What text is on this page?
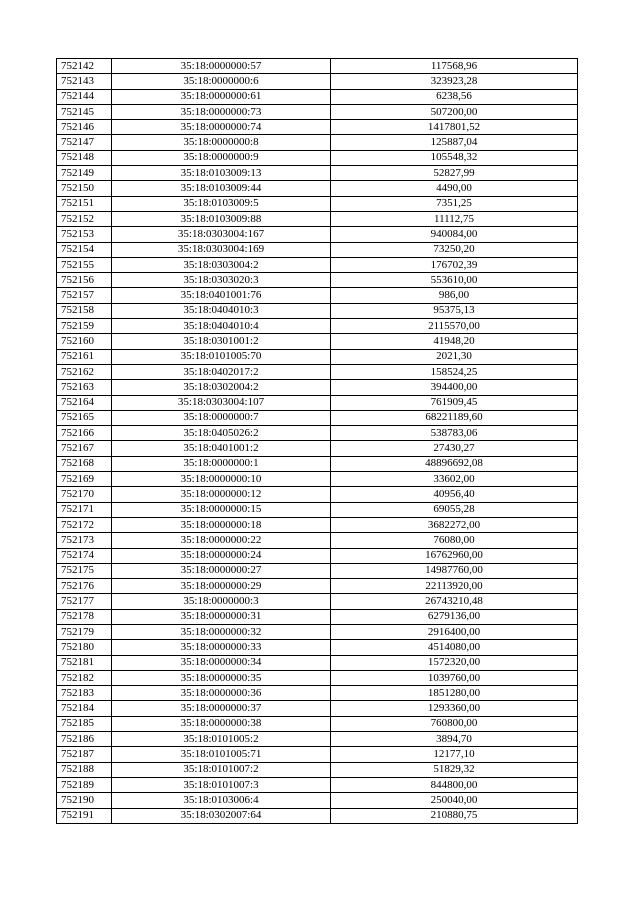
752142	35:18:0000000:57	117568,96
752143	35:18:0000000:6	323923,28
752144	35:18:0000000:61	6238,56
752145	35:18:0000000:73	507200,00
752146	35:18:0000000:74	1417801,52
752147	35:18:0000000:8	125887,04
752148	35:18:0000000:9	105548,32
752149	35:18:0103009:13	52827,99
752150	35:18:0103009:44	4490,00
752151	35:18:0103009:5	7351,25
752152	35:18:0103009:88	11112,75
752153	35:18:0303004:167	940084,00
752154	35:18:0303004:169	73250,20
752155	35:18:0303004:2	176702,39
752156	35:18:0303020:3	553610,00
752157	35:18:0401001:76	986,00
752158	35:18:0404010:3	95375,13
752159	35:18:0404010:4	2115570,00
752160	35:18:0301001:2	41948,20
752161	35:18:0101005:70	2021,30
752162	35:18:0402017:2	158524,25
752163	35:18:0302004:2	394400,00
752164	35:18:0303004:107	761909,45
752165	35:18:0000000:7	68221189,60
752166	35:18:0405026:2	538783,06
752167	35:18:0401001:2	27430,27
752168	35:18:0000000:1	48896692,08
752169	35:18:0000000:10	33602,00
752170	35:18:0000000:12	40956,40
752171	35:18:0000000:15	69055,28
752172	35:18:0000000:18	3682272,00
752173	35:18:0000000:22	76080,00
752174	35:18:0000000:24	16762960,00
752175	35:18:0000000:27	14987760,00
752176	35:18:0000000:29	22113920,00
752177	35:18:0000000:3	26743210,48
752178	35:18:0000000:31	6279136,00
752179	35:18:0000000:32	2916400,00
752180	35:18:0000000:33	4514080,00
752181	35:18:0000000:34	1572320,00
752182	35:18:0000000:35	1039760,00
752183	35:18:0000000:36	1851280,00
752184	35:18:0000000:37	1293360,00
752185	35:18:0000000:38	760800,00
752186	35:18:0101005:2	3894,70
752187	35:18:0101005:71	12177,10
752188	35:18:0101007:2	51829,32
752189	35:18:0101007:3	844800,00
752190	35:18:0103006:4	250040,00
752191	35:18:0302007:64	210880,75
